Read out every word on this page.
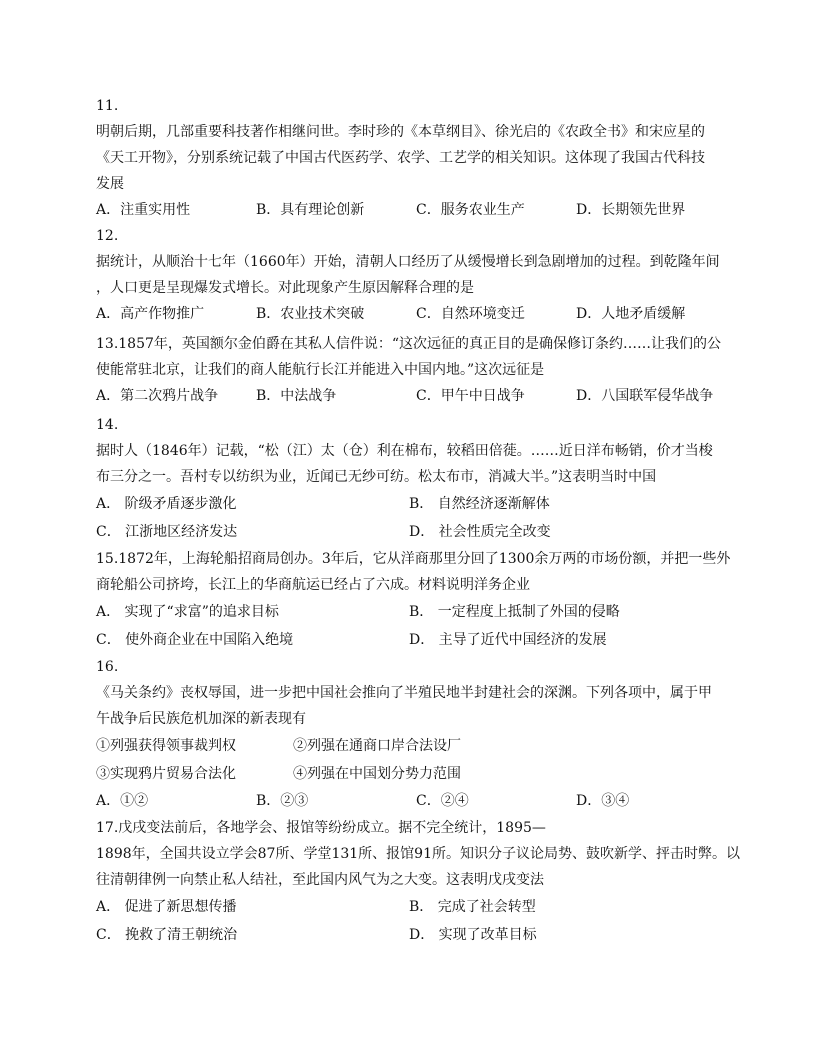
11.
明朝后期，几部重要科技著作相继问世。李时珍的《本草纲目》、徐光启的《农政全书》和宋应星的
《天工开物》，分别系统记载了中国古代医药学、农学、工艺学的相关知识。这体现了我国古代科技
发展
A．注重实用性	B．具有理论创新	C．服务农业生产	D．长期领先世界
12.
据统计，从顺治十七年（1660年）开始，清朝人口经历了从缓慢增长到急剧增加的过程。到乾隆年间
，人口更是呈现爆发式增长。对此现象产生原因解释合理的是
A．高产作物推广	B．农业技术突破	C．自然环境变迁	D．人地矛盾缓解
13.1857年，英国额尔金伯爵在其私人信件说：“这次远征的真正目的是确保修订条约……让我们的公
使能常驻北京，让我们的商人能航行长江并能进入中国内地。”这次远征是
A．第二次鸦片战争	B．中法战争	C．甲午中日战争	D．八国联军侵华战争
14.
据时人（1846年）记载，“松（江）太（仓）利在棉布，较稻田倍蓰。……近日洋布畅销，价才当梭
布三分之一。吾村专以纺织为业，近闻已无纱可纺。松太布市，消减大半。”这表明当时中国
A． 阶级矛盾逐步激化	B． 自然经济逐渐解体
C． 江浙地区经济发达	D． 社会性质完全改变
15.1872年，上海轮船招商局创办。3年后，它从洋商那里分回了1300余万两的市场份额，并把一些外
商轮船公司挤垮，长江上的华商航运已经占了六成。材料说明洋务企业
A． 实现了“求富”的追求目标	B． 一定程度上抵制了外国的侵略
C． 使外商企业在中国陷入绝境	D． 主导了近代中国经济的发展
16.
《马关条约》丧权辱国，进一步把中国社会推向了半殖民地半封建社会的深渊。下列各项中，属于甲
午战争后民族危机加深的新表现有
①列强获得领事裁判权	②列强在通商口岸合法设厂
③实现鸦片贸易合法化	④列强在中国划分势力范围
A．①②	B．②③	C．②④	D．③④
17.戊戌变法前后，各地学会、报馆等纷纷成立。据不完全统计，1895—
1898年，全国共设立学会87所、学堂131所、报馆91所。知识分子议论局势、鼓吹新学、抨击时弊。以
往清朝律例一向禁止私人结社，至此国内风气为之大变。这表明戊戌变法
A． 促进了新思想传播	B． 完成了社会转型
C． 挽救了清王朝统治	D． 实现了改革目标
